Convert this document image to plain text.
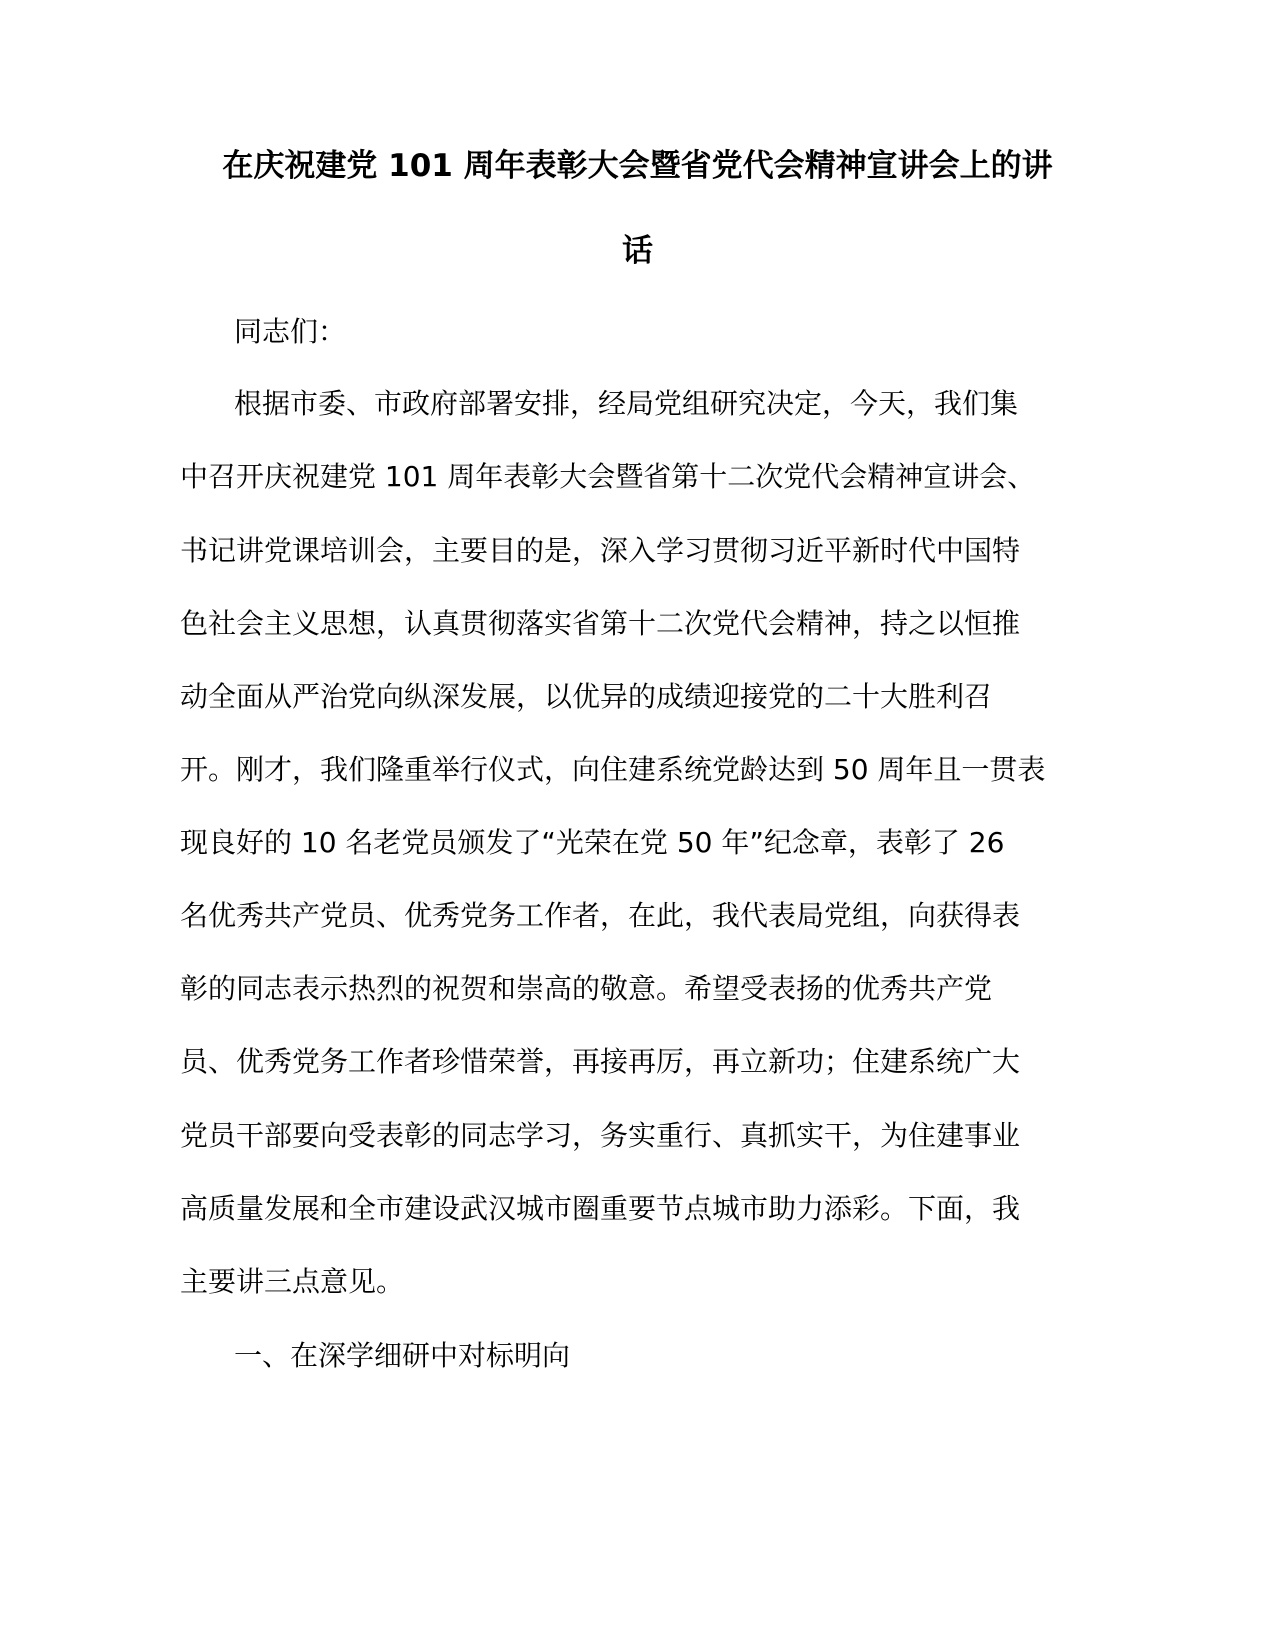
在庆祝建党 101 周年表彰大会暨省党代会精神宣讲会上的讲
话
同志们：
根据市委、市政府部署安排，经局党组研究决定，今天，我们集
中召开庆祝建党 101 周年表彰大会暨省第十二次党代会精神宣讲会、
书记讲党课培训会，主要目的是，深入学习贯彻习近平新时代中国特
色社会主义思想，认真贯彻落实省第十二次党代会精神，持之以恒推
动全面从严治党向纵深发展，以优异的成绩迎接党的二十大胜利召
开。刚才，我们隆重举行仪式，向住建系统党龄达到 50 周年且一贯表
现良好的 10 名老党员颁发了“光荣在党 50 年”纪念章，表彰了 26
名优秀共产党员、优秀党务工作者，在此，我代表局党组，向获得表
彰的同志表示热烈的祝贺和崇高的敬意。希望受表扬的优秀共产党
员、优秀党务工作者珍惜荣誉，再接再厉，再立新功；住建系统广大
党员干部要向受表彰的同志学习，务实重行、真抓实干，为住建事业
高质量发展和全市建设武汉城市圈重要节点城市助力添彩。下面，我
主要讲三点意见。
一、在深学细研中对标明向
